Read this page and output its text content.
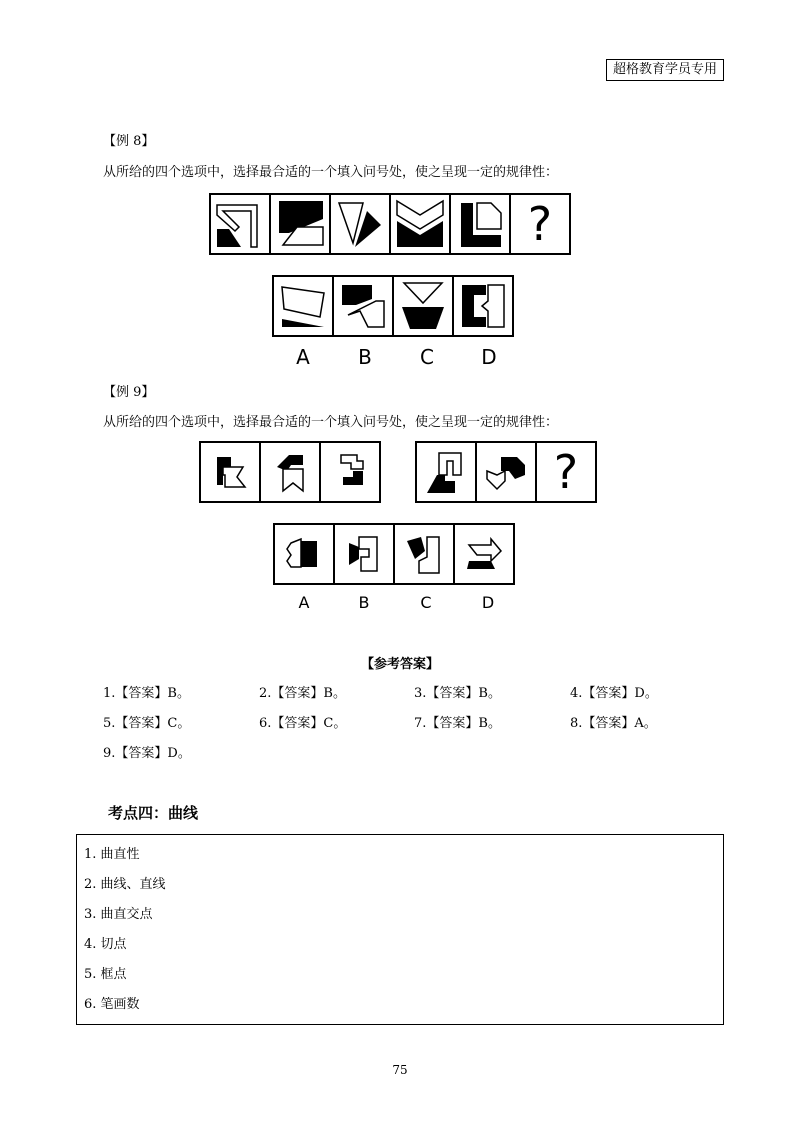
超格教育学员专用
【例 8】
从所给的四个选项中，选择最合适的一个填入问号处，使之呈现一定的规律性：
?
A	B	C	D
【例 9】
从所给的四个选项中，选择最合适的一个填入问号处，使之呈现一定的规律性：
?
A	B	C	D
【参考答案】
1.【答案】B。	2.【答案】B。	3.【答案】B。	4.【答案】D。
5.【答案】C。	6.【答案】C。	7.【答案】B。	8.【答案】A。
9.【答案】D。
考点四：曲线
1. 曲直性
2. 曲线、直线
3. 曲直交点
4. 切点
5. 框点
6. 笔画数
75
